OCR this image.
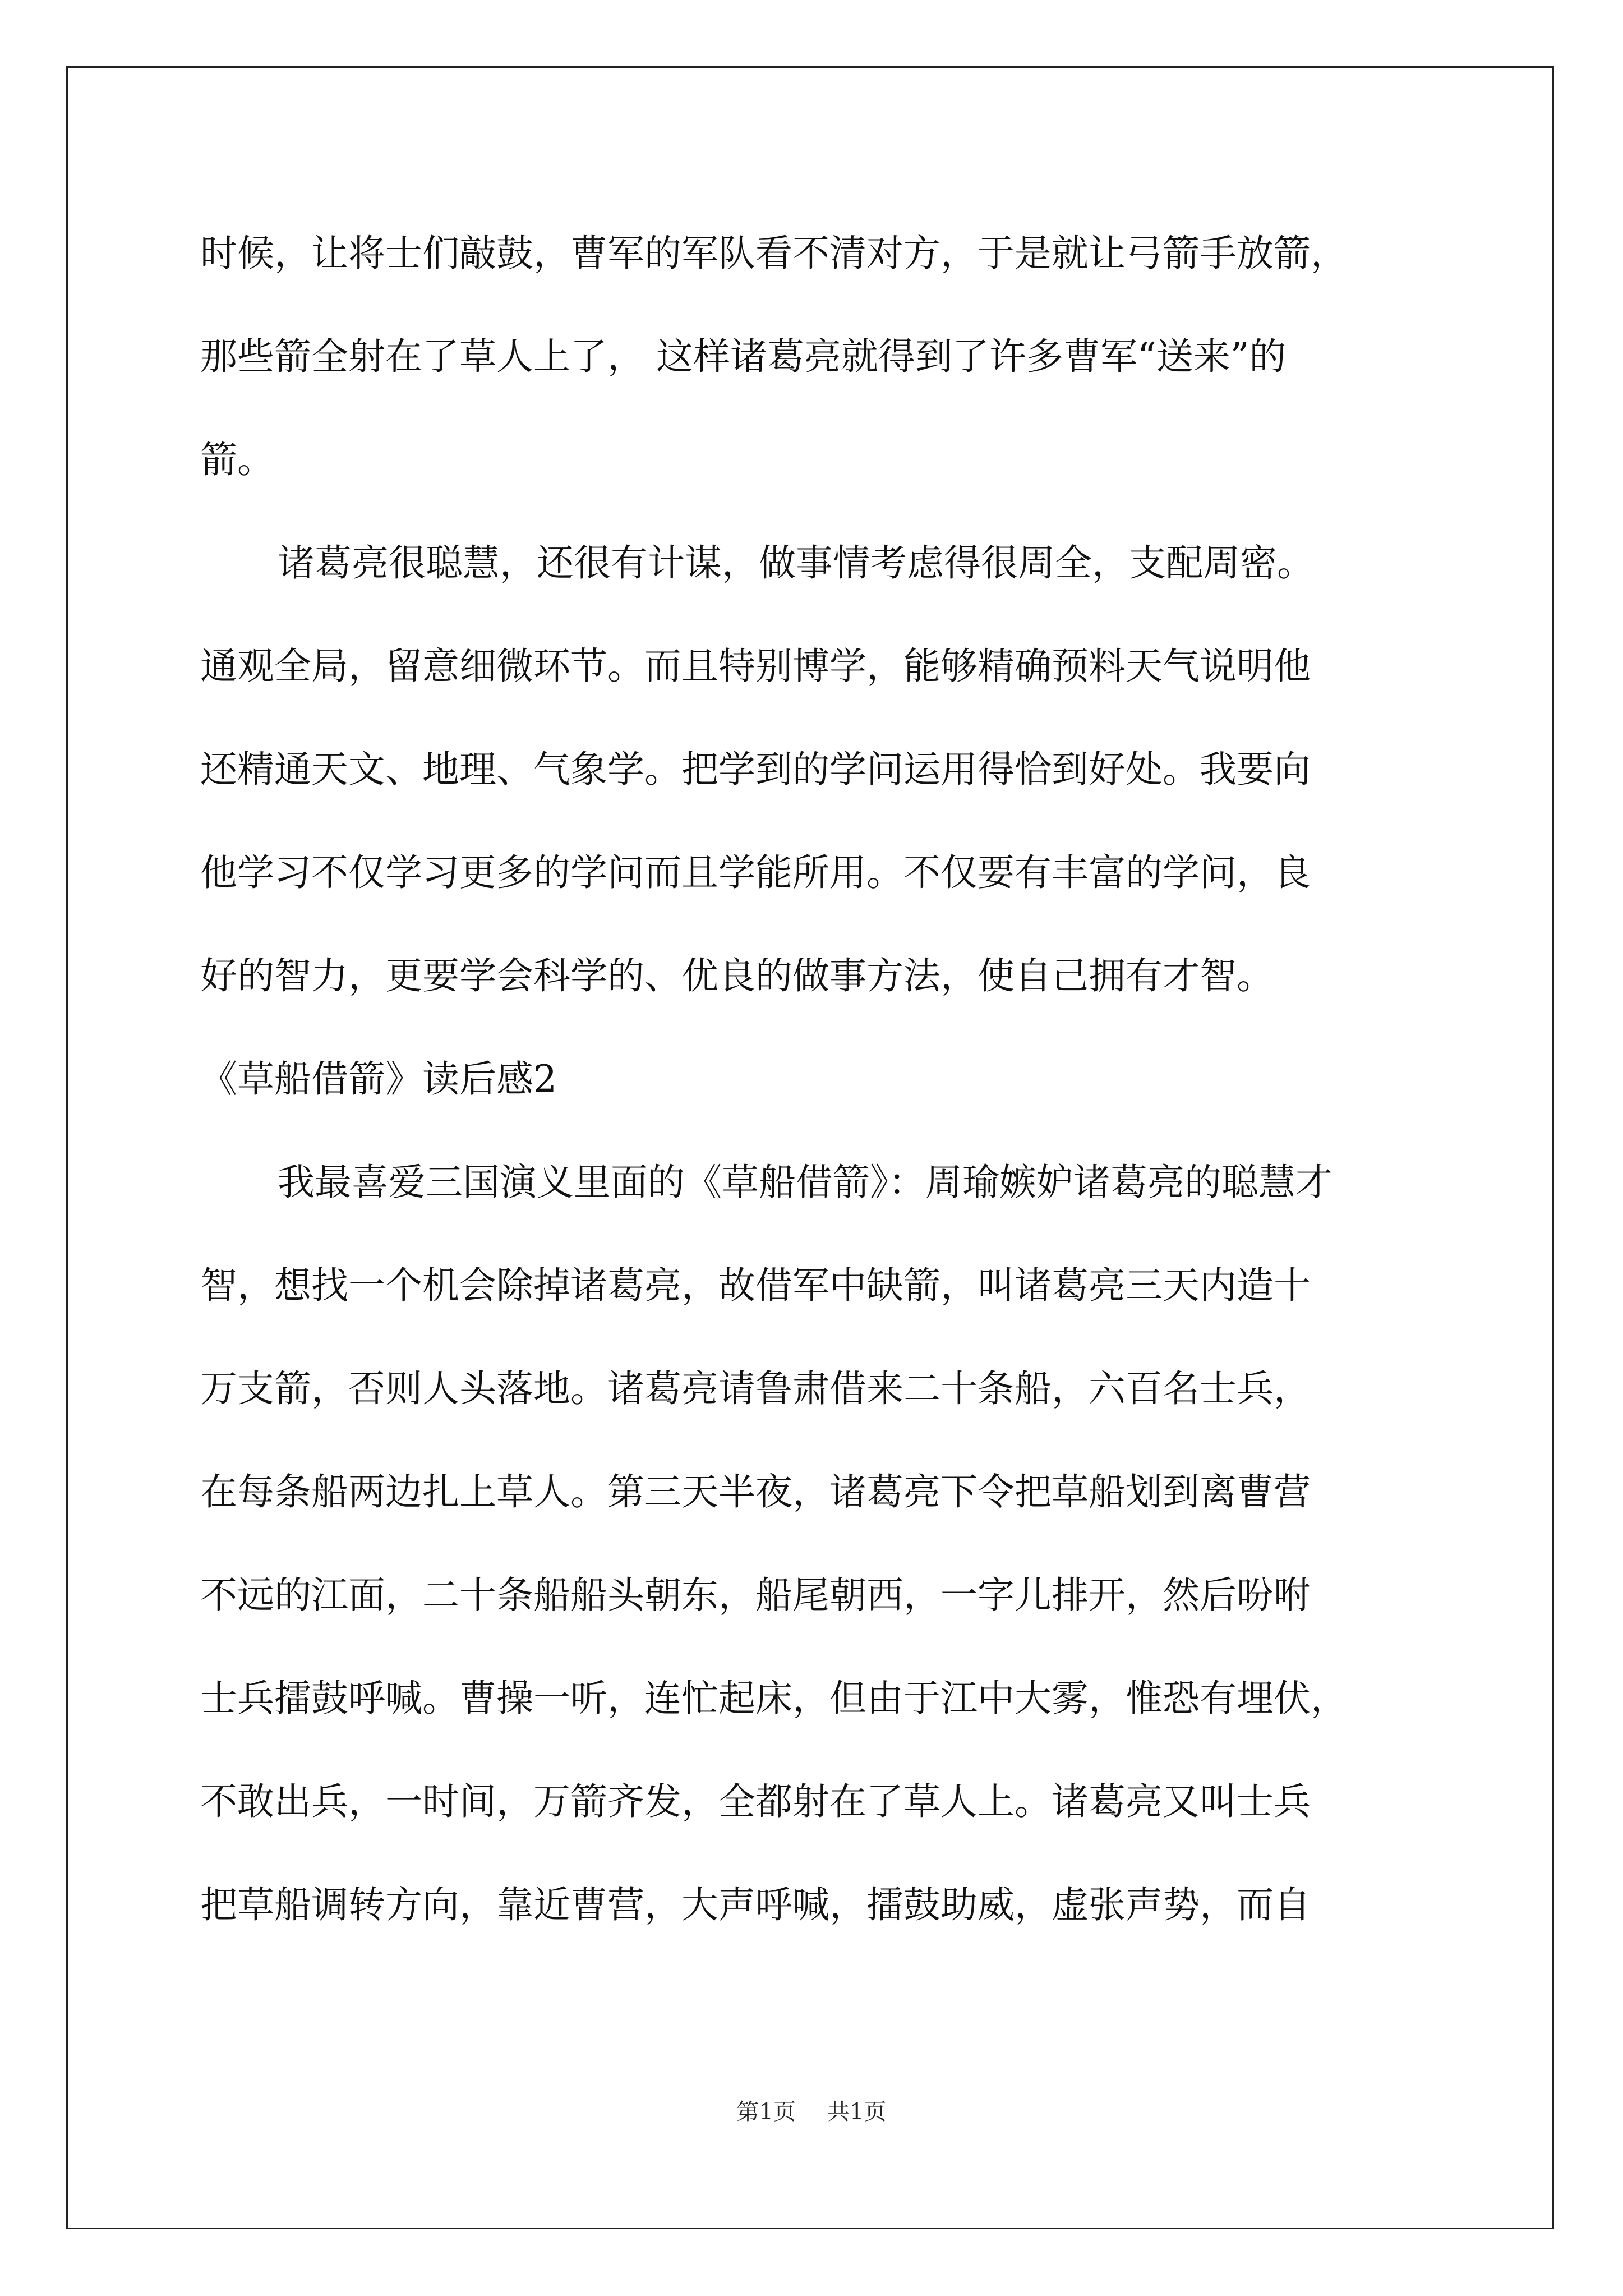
时候，让将士们敲鼓，曹军的军队看不清对方，于是就让弓箭手放箭，
那些箭全射在了草人上了， 这样诸葛亮就得到了许多曹军“送来”的
箭。
诸葛亮很聪慧，还很有计谋，做事情考虑得很周全，支配周密。
通观全局，留意细微环节。而且特别博学，能够精确预料天气说明他
还精通天文、地理、气象学。把学到的学问运用得恰到好处。我要向
他学习不仅学习更多的学问而且学能所用。不仅要有丰富的学问，良
好的智力，更要学会科学的、优良的做事方法，使自己拥有才智。
《草船借箭》读后感2
我最喜爱三国演义里面的《草船借箭》：周瑜嫉妒诸葛亮的聪慧才
智，想找一个机会除掉诸葛亮，故借军中缺箭，叫诸葛亮三天内造十
万支箭，否则人头落地。诸葛亮请鲁肃借来二十条船，六百名士兵，
在每条船两边扎上草人。第三天半夜，诸葛亮下令把草船划到离曹营
不远的江面，二十条船船头朝东，船尾朝西，一字儿排开，然后吩咐
士兵擂鼓呼喊。曹操一听，连忙起床，但由于江中大雾，惟恐有埋伏，
不敢出兵，一时间，万箭齐发，全都射在了草人上。诸葛亮又叫士兵
把草船调转方向，靠近曹营，大声呼喊，擂鼓助威，虚张声势，而自
第1页 共1页
